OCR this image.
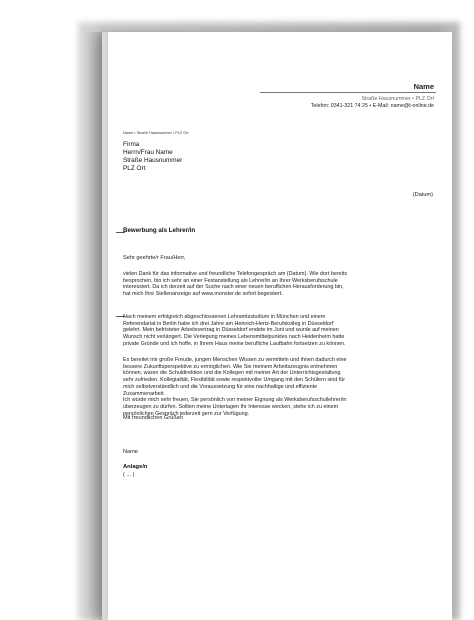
Name
Straße Hausnummer • PLZ Ort
Telefon: 0341-321 74 25 • E-Mail: name@t-online.de
Name • Straße Hausnummer • PLZ Ort
Firma
Herrn/Frau Name
Straße Hausnummer
PLZ Ort
(Datum)
Bewerbung als Lehrer/in
Sehr geehrte/r Frau/Herr,
vielen Dank für das informative und freundliche Telefongespräch am (Datum). Wie dort bereits
besprochen, bin ich sehr an einer Festanstellung als Lehrer/in an Ihrer Werksberufsschule
interessiert. Da ich derzeit auf der Suche nach einer neuen beruflichen Herausforderung bin,
hat mich Ihre Stellenanzeige auf www.monster.de sofort begeistert.
Nach meinem erfolgreich abgeschlossenen Lehramtsstudium in München und einem
Referendariat in Berlin habe ich drei Jahre am Heinrich-Hertz-Berufskolleg in Düsseldorf
gelehrt. Mein befristeter Arbeitsvertrag in Düsseldorf endete im Juni und wurde auf meinen
Wunsch nicht verlängert. Die Verlegung meines Lebensmittelpunktes nach Heidenheim hatte
private Gründe und ich hoffe, in Ihrem Haus meine berufliche Laufbahn fortsetzen zu können.
Es bereitet mir große Freude, jungen Menschen Wissen zu vermitteln und ihnen dadurch eine
bessere Zukunftsperspektive zu ermöglichen. Wie Sie meinem Arbeitszeugnis entnehmen
können, waren die Schuldirektion und die Kollegen mit meiner Art der Unterrichtsgestaltung
sehr zufrieden. Kollegialität, Flexibilität sowie respektvoller Umgang mit den Schülern sind für
mich selbstverständlich und die Voraussetzung für eine nachhaltige und effiziente
Zusammenarbeit.
Ich würde mich sehr freuen, Sie persönlich von meiner Eignung als Werksberufsschullehrer/in
überzeugen zu dürfen. Sollten meine Unterlagen Ihr Interesse wecken, stehe ich zu einem
persönlichen Gespräch jederzeit gern zur Verfügung.
Mit freundlichen Grüßen
Name
Anlage/n
( ... )
